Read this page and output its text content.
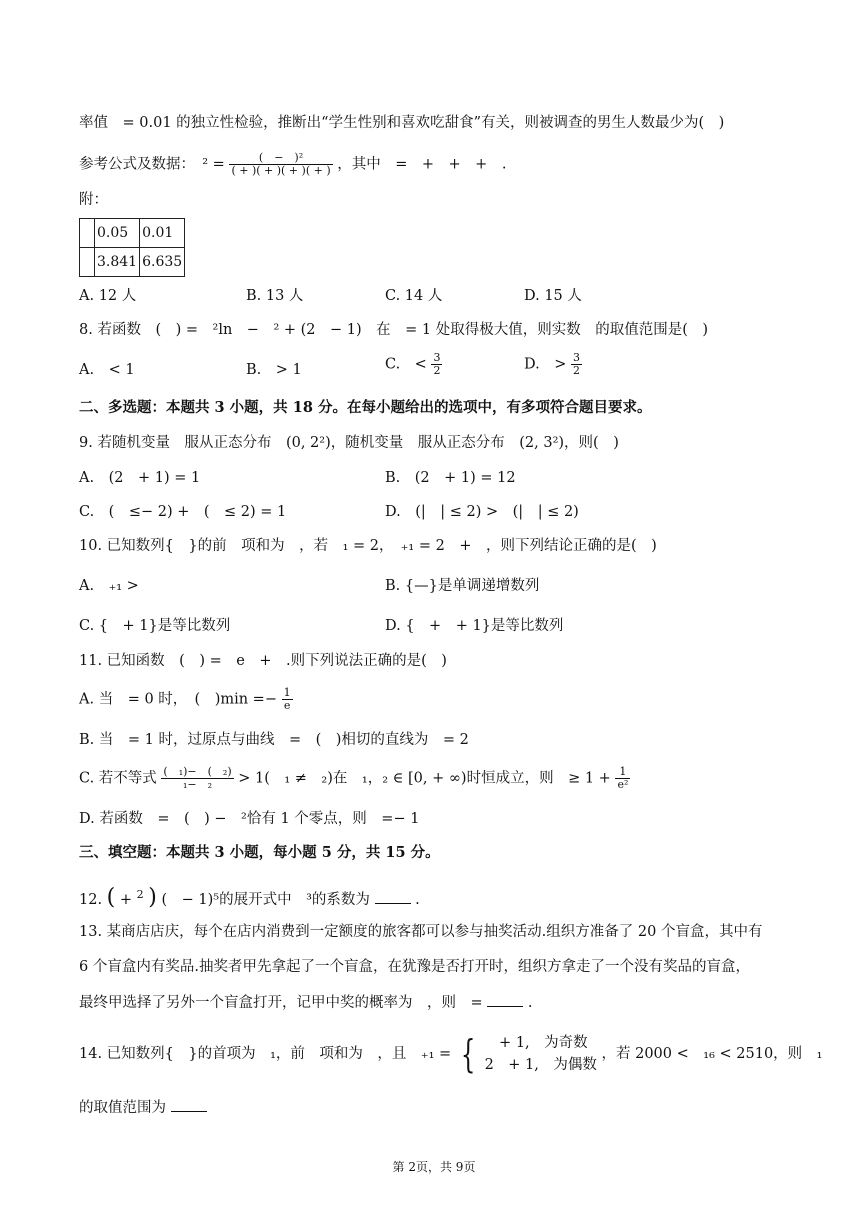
率值　= 0.01 的独立性检验，推断出“学生性别和喜欢吃甜食”有关，则被调查的男生人数最少为(　)
参考公式及数据：　$^2 = \frac{\text{(　−　)²}}{( + )( + )( + )( + )}$ ，其中　=　+　+　+　.
附：
	0.05	0.01
	3.841	6.635
A. 12 人	B. 13 人	C. 14 人	D. 15 人
8. 若函数　(　) =　²ln　−　² + (2　− 1)　在　= 1 处取得极大值，则实数　的取值范围是(　)
A.　< 1	B.　> 1	C.　< $\frac{3}{2}$	D.　> $\frac{3}{2}$
二、多选题：本题共 3 小题，共 18 分。在每小题给出的选项中，有多项符合题目要求。
9. 若随机变量　服从正态分布　(0, 2²)，随机变量　服从正态分布　(2, 3²)，则(　)
A.　(2　+ 1) = 1	B.　(2　+ 1) = 12
C.　(　≤− 2) +　(　≤ 2) = 1	D.　(|　| ≤ 2) >　(|　| ≤ 2)
10. 已知数列{　}的前　项和为　，若　₁ = 2，　₊₁ = 2　+　，则下列结论正确的是(　)
A.　₊₁ >	B. {—}是单调递增数列
C. {　+ 1}是等比数列	D. {　+　+ 1}是等比数列
11. 已知函数　(　) =　e　+　.则下列说法正确的是(　)
A. 当　= 0 时，　(　)$\min =- \frac{1}{e}$
B. 当　= 1 时，过原点与曲线　=　(　)相切的直线为　= 2
C. 若不等式 $\frac{\text{(　₁)−　(　₂)}}{\text{₁−　₂}} > 1$(　₁ ≠　₂)在　₁，₂ ∈ [0, + ∞)时恒成立，则　≥ $1 + \frac{1}{\text{e²}}$
D. 若函数　=　(　) −　²恰有 1 个零点，则　=− 1
三、填空题：本题共 3 小题，每小题 5 分，共 15 分。
12. ( + $^2$ ) (　− 1)⁵的展开式中　³的系数为	.
13. 某商店店庆，每个在店内消费到一定额度的旅客都可以参与抽奖活动.组织方准备了 20 个盲盒，其中有
6 个盲盒内有奖品.抽奖者甲先拿起了一个盲盒，在犹豫是否打开时，组织方拿走了一个没有奖品的盲盒，
最终甲选择了另外一个盲盒打开，记甲中奖的概率为　，则　=	.
14. 已知数列{　}的首项为　₁，前　项和为　，且　₊₁ = { 　+ 1,　为奇数
2　+ 1,　为偶数
，若 2000 <　₁₆ < 2510，则　₁
的取值范围为
第 2页，共 9页
